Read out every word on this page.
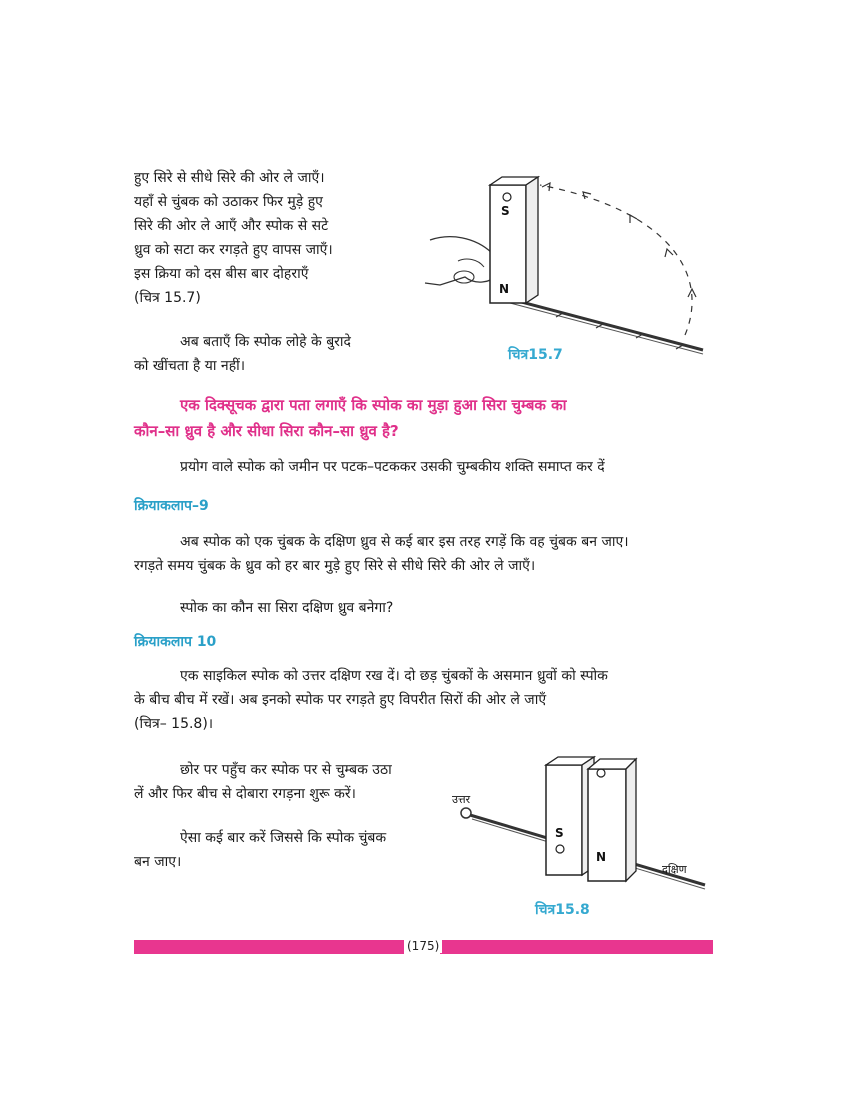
हुए सिरे से सीधे सिरे की ओर ले जाएँ।

यहाँ से चुंबक को उठाकर फिर मुड़े हुए

सिरे की ओर ले आएँ और स्पोक से सटे

ध्रुव को सटा कर रगड़ते हुए वापस जाएँ।

इस क्रिया को दस बीस बार दोहराएँ

(चित्र 15.7)

अब बताएँ कि स्पोक लोहे के बुरादे

को खींचता है या नहीं।

S
N
चित्र15.7
एक दिक्सूचक द्वारा पता लगाएँ कि स्पोक का मुड़ा हुआ सिरा चुम्बक का
कौन–सा ध्रुव है और सीधा सिरा कौन–सा ध्रुव है?
प्रयोग वाले स्पोक को जमीन पर पटक–पटककर उसकी चुम्बकीय शक्ति समाप्त कर दें
क्रियाकलाप–9

अब स्पोक को एक चुंबक के दक्षिण ध्रुव से कई बार इस तरह रगड़ें कि वह चुंबक बन जाए।

रगड़ते समय चुंबक के ध्रुव को हर बार मुड़े हुए सिरे से सीधे सिरे की ओर ले जाएँ।

स्पोक का कौन सा सिरा दक्षिण ध्रुव बनेगा?
क्रियाकलाप 10

एक साइकिल स्पोक को उत्तर दक्षिण रख दें। दो छड़ चुंबकों के असमान ध्रुवों को स्पोक

के बीच बीच में रखें। अब इनको स्पोक पर रगड़ते हुए विपरीत सिरों की ओर ले जाएँ

(चित्र– 15.8)।

छोर पर पहुँच कर स्पोक पर से चुम्बक उठा

लें और फिर बीच से दोबारा रगड़ना शुरू करें।

ऐसा कई बार करें जिससे कि स्पोक चुंबक

बन जाए।

S
N
उत्तर
दक्षिण
चित्र15.8
(175)
